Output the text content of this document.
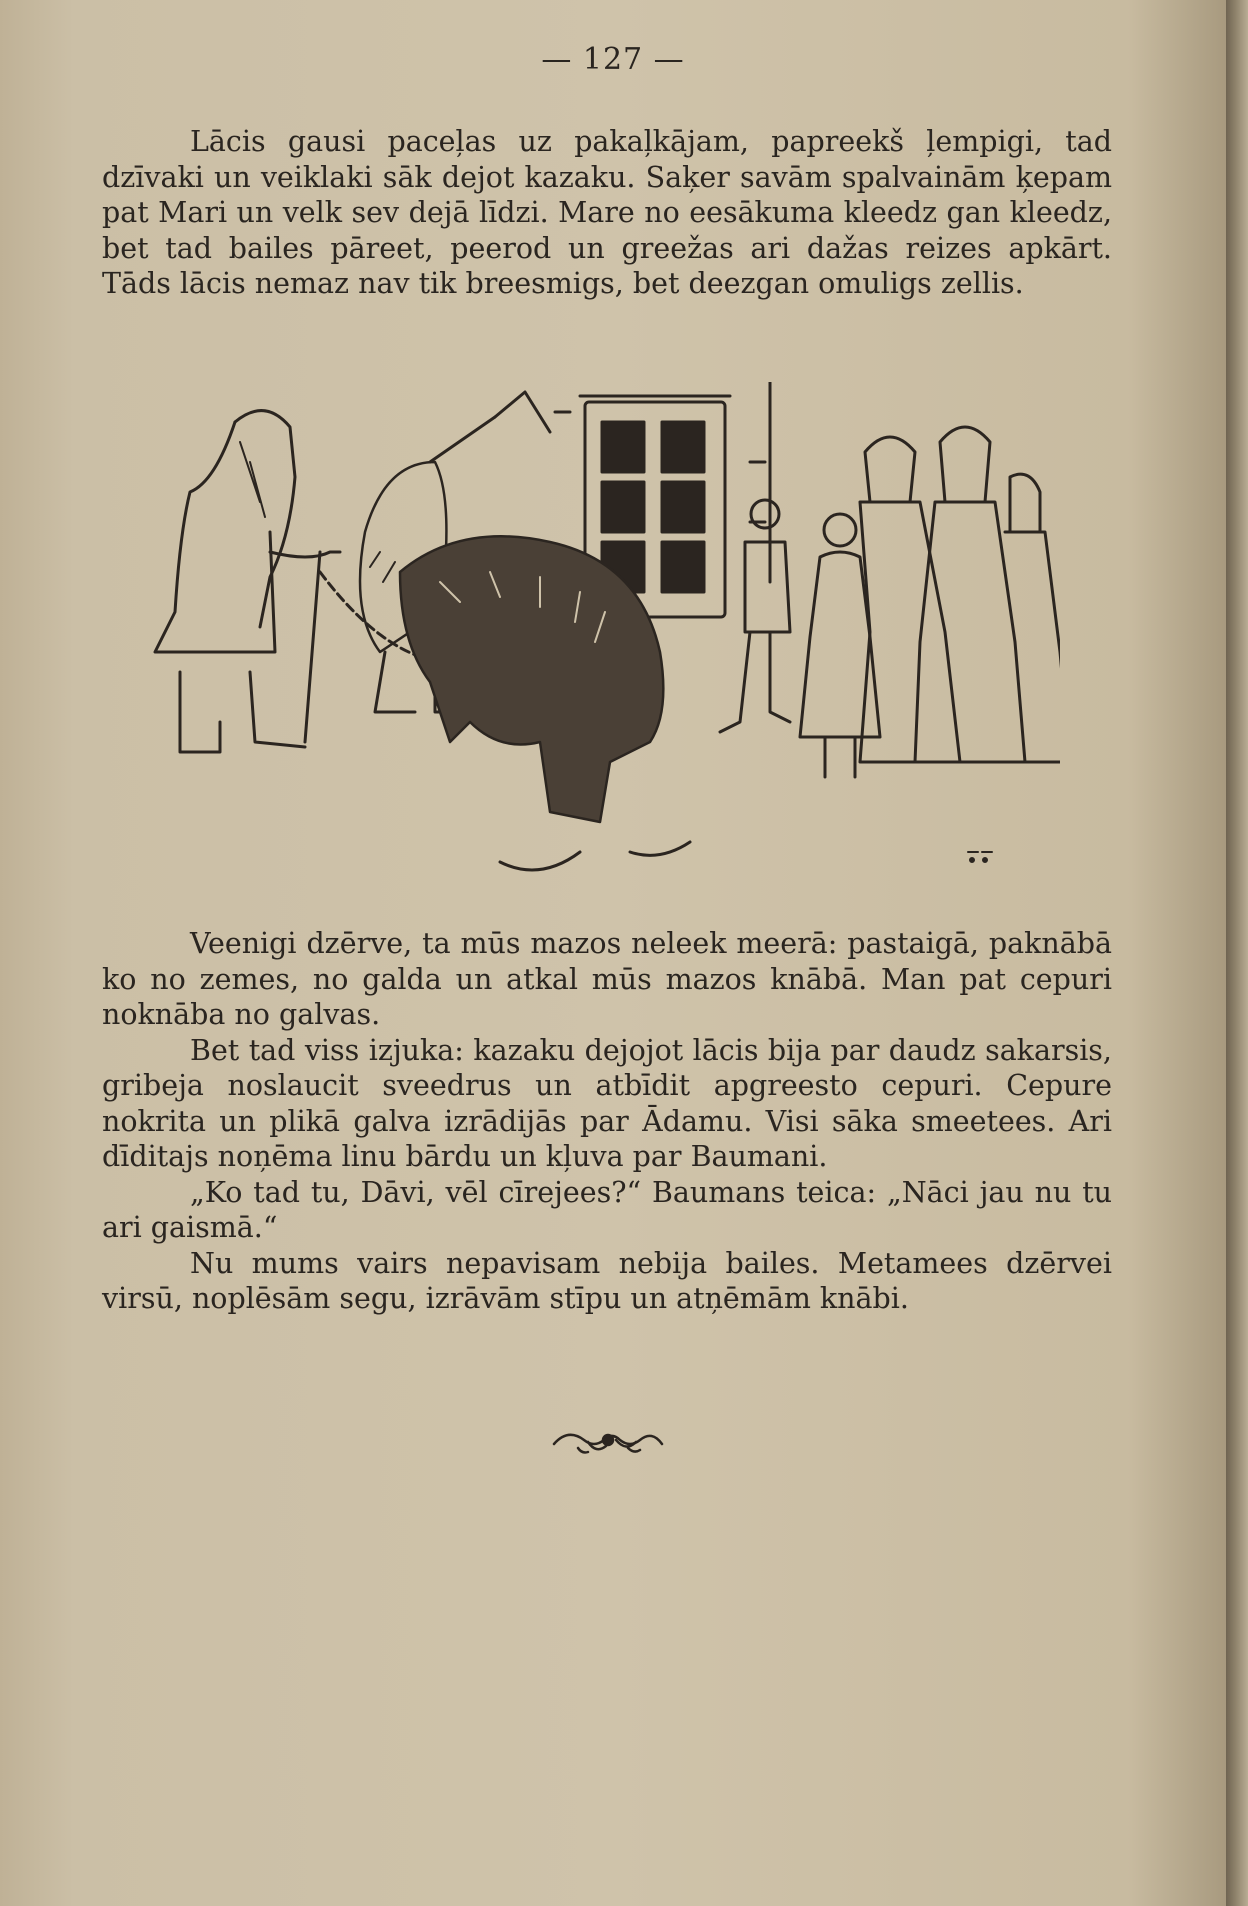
— 127 —

Lācis gausi paceļas uz pakaļkājam, papreekš ļempigi, tad dzīvaki un veiklaki sāk dejot kazaku. Saķer savām spalvainām ķepam pat Mari un velk sev dejā līdzi. Mare no eesākuma kleedz gan kleedz, bet tad bailes pāreet, peerod un greežas ari dažas reizes apkārt. Tāds lācis nemaz nav tik breesmigs, bet deezgan omuligs zellis.

Veenigi dzērve, ta mūs mazos neleek meerā: pastaigā, paknābā ko no zemes, no galda un atkal mūs mazos knābā. Man pat cepuri noknāba no galvas.

Bet tad viss izjuka: kazaku dejojot lācis bija par daudz sakarsis, gribeja noslaucit sveedrus un atbīdit apgreesto cepuri. Cepure nokrita un plikā galva izrādijās par Ādamu. Visi sāka smeetees. Ari dīditajs noņēma linu bārdu un kļuva par Baumani.

„Ko tad tu, Dāvi, vēl cīrejees?“ Baumans teica: „Nāci jau nu tu ari gaismā.“

Nu mums vairs nepavisam nebija bailes. Metamees dzērvei virsū, noplēsām segu, izrāvām stīpu un atņēmām knābi.
